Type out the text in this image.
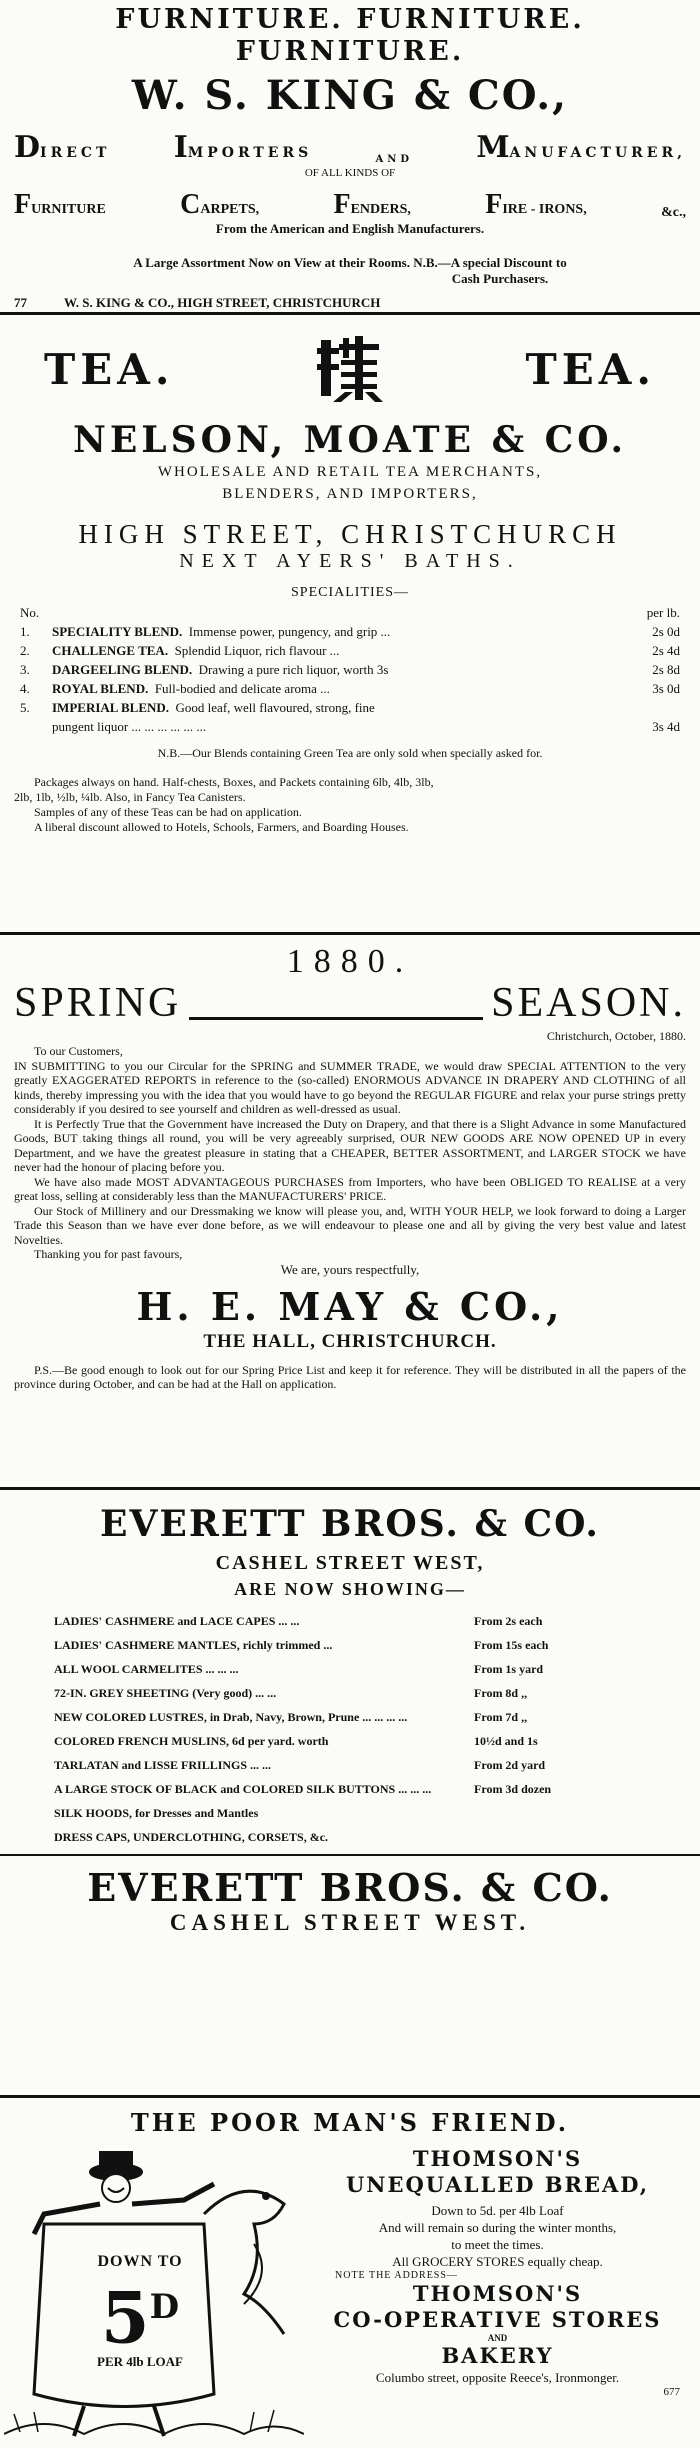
FURNITURE. FURNITURE. FURNITURE.
W. S. KING & CO.,
DIRECT IMPORTERS	AND MANUFACTURER,
OF ALL KINDS OF
FURNITURE	CARPETS,	FENDERS,	FIRE - IRONS,	&c.,
From the American and English Manufacturers.

A Large Assortment Now on View at their Rooms. N.B.—A special Discount to

Cash Purchasers.

77	W. S. KING & CO., HIGH STREET, CHRISTCHURCH
TEA.	TEA.
NELSON, MOATE & CO.
WHOLESALE AND RETAIL TEA MERCHANTS,
BLENDERS, AND IMPORTERS,
HIGH STREET, CHRISTCHURCH
NEXT AYERS' BATHS.
SPECIALITIES—
No.	per lb.
1. SPECIALITY BLEND. Immense power, pungency, and grip ...	2s 0d
2. CHALLENGE TEA. Splendid Liquor, rich flavour ...	2s 4d
3. DARGEELING BLEND. Drawing a pure rich liquor, worth 3s	2s 8d
4. ROYAL BLEND. Full-bodied and delicate aroma ...	3s 0d
5. IMPERIAL BLEND. Good leaf, well flavoured, strong, fine
pungent liquor ... ... ... ... ... ...	3s 4d
N.B.—Our Blends containing Green Tea are only sold when specially asked for.

Packages always on hand. Half-chests, Boxes, and Packets containing 6lb, 4lb, 3lb,

2lb, 1lb, ½lb, ¼lb. Also, in Fancy Tea Canisters.

Samples of any of these Teas can be had on application.

A liberal discount allowed to Hotels, Schools, Farmers, and Boarding Houses.

1880.
SPRING	SEASON.
Christchurch, October, 1880.

To our Customers,

IN SUBMITTING to you our Circular for the SPRING and SUMMER TRADE, we would draw SPECIAL ATTENTION to the very greatly EXAGGERATED REPORTS in reference to the (so-called) ENORMOUS ADVANCE IN DRAPERY AND CLOTHING of all kinds, thereby impressing you with the idea that you would have to go beyond the REGULAR FIGURE and relax your purse strings pretty considerably if you desired to see yourself and children as well-dressed as usual.

It is Perfectly True that the Government have increased the Duty on Drapery, and that there is a Slight Advance in some Manufactured Goods, BUT taking things all round, you will be very agreeably surprised, OUR NEW GOODS ARE NOW OPENED UP in every Department, and we have the greatest pleasure in stating that a CHEAPER, BETTER ASSORTMENT, and LARGER STOCK we have never had the honour of placing before you.

We have also made MOST ADVANTAGEOUS PURCHASES from Importers, who have been OBLIGED TO REALISE at a very great loss, selling at considerably less than the MANUFACTURERS' PRICE.

Our Stock of Millinery and our Dressmaking we know will please you, and, WITH YOUR HELP, we look forward to doing a Larger Trade this Season than we have ever done before, as we will endeavour to please one and all by giving the very best value and latest Novelties.

Thanking you for past favours,

We are, yours respectfully,
H. E. MAY & CO.,
THE HALL, CHRISTCHURCH.
P.S.—Be good enough to look out for our Spring Price List and keep it for reference. They will be distributed in all the papers of the province during October, and can be had at the Hall on application.
EVERETT BROS. & CO.
CASHEL STREET WEST,
ARE NOW SHOWING—
LADIES' CASHMERE and LACE CAPES ... ...	From 2s each
LADIES' CASHMERE MANTLES, richly trimmed ...	From 15s each
ALL WOOL CARMELITES ... ... ...	From 1s yard
72-IN. GREY SHEETING (Very good) ... ...	From 8d ,,
NEW COLORED LUSTRES, in Drab, Navy, Brown, Prune ... ... ... ...	From 7d ,,
COLORED FRENCH MUSLINS, 6d per yard. worth	10½d and 1s
TARLATAN and LISSE FRILLINGS ... ...	From 2d yard
A LARGE STOCK OF BLACK and COLORED SILK BUTTONS ... ... ...	From 3d dozen
SILK HOODS, for Dresses and Mantles
DRESS CAPS, UNDERCLOTHING, CORSETS, &c.
EVERETT BROS. & CO.
CASHEL STREET WEST.
THE POOR MAN'S FRIEND.
DOWN TO
$5^D$
PER 4lb LOAF
THOMSON'S
UNEQUALLED BREAD,
Down to 5d. per 4lb Loaf
And will remain so during the winter months,
to meet the times.
All GROCERY STORES equally cheap.
NOTE THE ADDRESS—
THOMSON'S
CO-OPERATIVE STORES
AND
BAKERY
Columbo street, opposite Reece's, Ironmonger.
677
